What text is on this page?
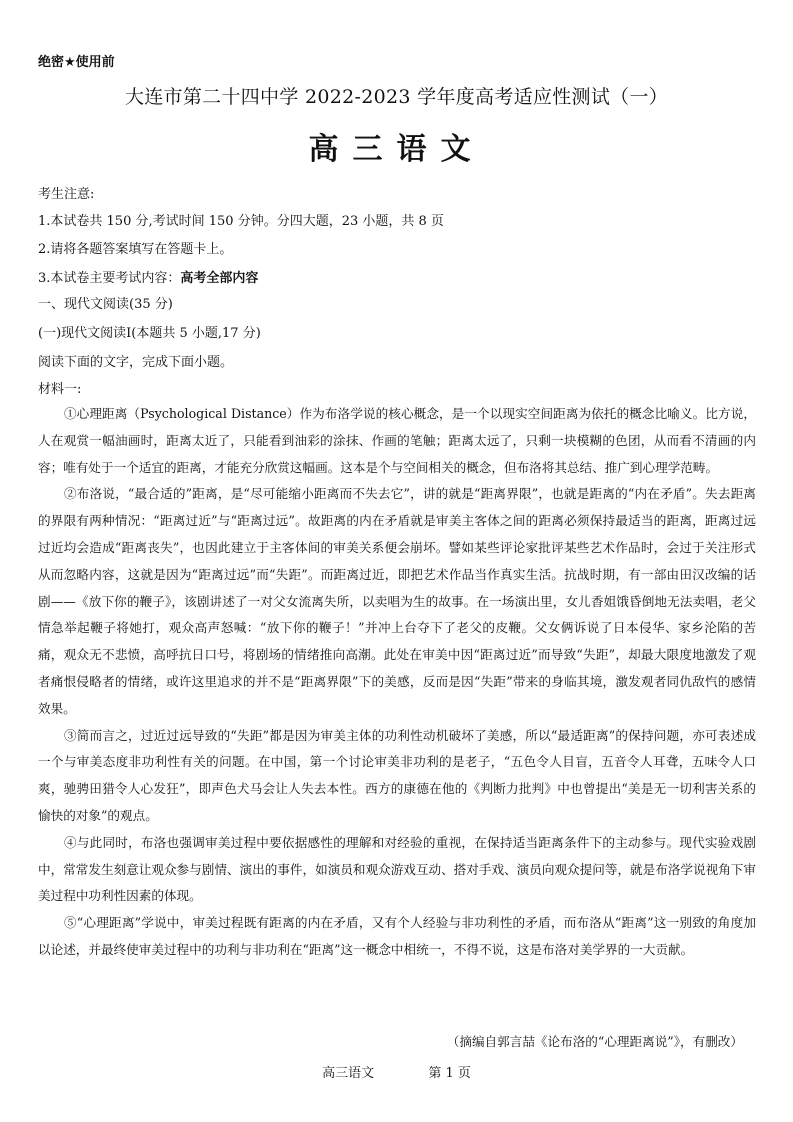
绝密★使用前
大连市第二十四中学 2022-2023 学年度高考适应性测试（一）
高三语文
考生注意:
1.本试卷共 150 分,考试时间 150 分钟。分四大题，23 小题，共 8 页
2.请将各题答案填写在答题卡上。
3.本试卷主要考试内容：高考全部内容
一、现代文阅读(35 分)
(一)现代文阅读Ⅰ(本题共 5 小题,17 分)
阅读下面的文字，完成下面小题。
材料一:

①心理距离（Psychological Distance）作为布洛学说的核心概念，是一个以现实空间距离为依托的概念比喻义。比方说，人在观赏一幅油画时，距离太近了，只能看到油彩的涂抹、作画的笔触；距离太远了，只剩一块模糊的色团，从而看不清画的内容；唯有处于一个适宜的距离，才能充分欣赏这幅画。这本是个与空间相关的概念，但布洛将其总结、推广到心理学范畴。

②布洛说，“最合适的”距离，是“尽可能缩小距离而不失去它”，讲的就是“距离界限”，也就是距离的“内在矛盾”。失去距离的界限有两种情况：“距离过近”与“距离过远”。故距离的内在矛盾就是审美主客体之间的距离必须保持最适当的距离，距离过远过近均会造成“距离丧失”，也因此建立于主客体间的审美关系便会崩坏。譬如某些评论家批评某些艺术作品时，会过于关注形式从而忽略内容，这就是因为“距离过远”而“失距”。而距离过近，即把艺术作品当作真实生活。抗战时期，有一部由田汉改编的话剧——《放下你的鞭子》，该剧讲述了一对父女流离失所，以卖唱为生的故事。在一场演出里，女儿香姐饿昏倒地无法卖唱，老父情急举起鞭子将她打，观众高声怒喊：“放下你的鞭子！”并冲上台夺下了老父的皮鞭。父女俩诉说了日本侵华、家乡沦陷的苦痛，观众无不悲愤，高呼抗日口号，将剧场的情绪推向高潮。此处在审美中因“距离过近”而导致“失距”，却最大限度地激发了观者痛恨侵略者的情绪，或许这里追求的并不是“距离界限”下的美感，反而是因“失距”带来的身临其境，激发观者同仇敌忾的感情效果。

③简而言之，过近过远导致的“失距”都是因为审美主体的功利性动机破坏了美感，所以“最适距离”的保持问题，亦可表述成一个与审美态度非功利性有关的问题。在中国，第一个讨论审美非功利的是老子，“五色令人目盲，五音令人耳聋，五味令人口爽，驰骋田猎令人心发狂”，即声色犬马会让人失去本性。西方的康德在他的《判断力批判》中也曾提出“美是无一切利害关系的愉快的对象”的观点。

④与此同时，布洛也强调审美过程中要依据感性的理解和对经验的重视，在保持适当距离条件下的主动参与。现代实验戏剧中，常常发生刻意让观众参与剧情、演出的事件，如演员和观众游戏互动、搭对手戏、演员向观众提问等，就是布洛学说视角下审美过程中功利性因素的体现。

⑤“心理距离”学说中，审美过程既有距离的内在矛盾，又有个人经验与非功利性的矛盾，而布洛从“距离”这一别致的角度加以论述，并最终使审美过程中的功利与非功利在“距离”这一概念中相统一，不得不说，这是布洛对美学界的一大贡献。

（摘编自郭言喆《论布洛的“心理距离说”》，有删改）
高三语文	第 1 页
